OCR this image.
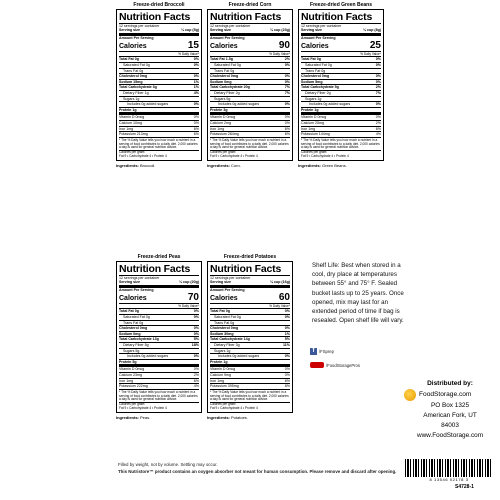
Freeze-dried Broccoli
Nutrition Facts
12 servings per container
Serving size	¼ cup (5g)
Amount Per Serving
Calories	15
% Daily Value*
Total Fat 0g	0%
Saturated Fat 0g	0%
Trans Fat 0g
Cholesterol 0mg	0%
Sodium 15mg	1%
Total Carbohydrate 3g	1%
Dietary Fiber 1g	4%
Sugars 1g
Includes 0g added sugars	0%
Protein 1g
Vitamin D 0mcg	0%
Calcium 10mg	0%
Iron 1mg	6%
Potassium 213mg	6%
* The % Daily Value tells you how much a nutrient in a serving of food contributes to a daily diet. 2,000 calories a day is used for general nutrition advice.
Calories per gram:
Fat 9 • Carbohydrate 4 • Protein 4
Ingredients: Broccoli.
Freeze-dried Corn
Nutrition Facts
12 servings per container
Serving size	¼ cup (23g)
Amount Per Serving
Calories	90
% Daily Value*
Total Fat 1.5g	2%
Saturated Fat 0g	0%
Trans Fat 0g
Cholesterol 0mg	0%
Sodium 0mg	0%
Total Carbohydrate 20g	7%
Dietary Fiber 2g	7%
Sugars 5g
Includes 0g added sugars	0%
Protein 3g
Vitamin D 0mcg	0%
Calcium 2mg	0%
Iron 1mg	6%
Potassium 284mg	6%
* The % Daily Value tells you how much a nutrient in a serving of food contributes to a daily diet. 2,000 calories a day is used for general nutrition advice.
Calories per gram:
Fat 9 • Carbohydrate 4 • Protein 4
Ingredients: Corn.
Freeze-dried Green Beans
Nutrition Facts
12 servings per container
Serving size	¼ cup (8g)
Amount Per Serving
Calories	25
% Daily Value*
Total Fat 0g	0%
Saturated Fat 0g	0%
Trans Fat 0g
Cholesterol 0mg	0%
Sodium 5mg	0%
Total Carbohydrate 5g	2%
Dietary Fiber 2g	7%
Sugars 1g
Includes 0g added sugars	0%
Protein 1g
Vitamin D 0mcg	0%
Calcium 25mg	2%
Iron 1mg	6%
Potassium 144mg	4%
* The % Daily Value tells you how much a nutrient in a serving of food contributes to a daily diet. 2,000 calories a day is used for general nutrition advice.
Calories per gram:
Fat 9 • Carbohydrate 4 • Protein 4
Ingredients: Green Beans.
Freeze-dried Peas
Nutrition Facts
12 servings per container
Serving size	¼ cup (20g)
Amount Per Serving
Calories	70
% Daily Value*
Total Fat 0g	0%
Saturated Fat 0g	0%
Trans Fat 0g
Cholesterol 0mg	0%
Sodium 0mg	0%
Total Carbohydrate 13g	5%
Dietary Fiber 5g	18%
Sugars 5g
Includes 0g added sugars	0%
Protein 5g
Vitamin D 0mcg	0%
Calcium 23mg	2%
Iron 1mg	6%
Potassium 222mg	4%
* The % Daily Value tells you how much a nutrient in a serving of food contributes to a daily diet. 2,000 calories a day is used for general nutrition advice.
Calories per gram:
Fat 9 • Carbohydrate 4 • Protein 4
Ingredients: Peas.
Freeze-dried Potatoes
Nutrition Facts
12 servings per container
Serving size	¼ cup (16g)
Amount Per Serving
Calories	60
% Daily Value*
Total Fat 0g	0%
Saturated Fat 0g	0%
Trans Fat 0g
Cholesterol 0mg	0%
Sodium 30mg	1%
Total Carbohydrate 14g	5%
Dietary Fiber 3g	11%
Sugars 1g
Includes 0g added sugars	0%
Protein 1g
Vitamin D 0mcg	0%
Calcium 9mg	0%
Iron 1mg	6%
Potassium 395mg	8%
* The % Daily Value tells you how much a nutrient in a serving of food contributes to a daily diet. 2,000 calories a day is used for general nutrition advice.
Calories per gram:
Fat 9 • Carbohydrate 4 • Protein 4
Ingredients: Potatoes.
Shelf Life: Best when stored in a cool, dry place at temperatures between 55° and 75° F. Sealed bucket lasts up to 25 years. Once opened, mix may last for an extended period of time if bag is resealed. Open shelf life will vary.
f	/FSprep
/FoodStoragePros
Distributed by:
FoodStorage.com
PO Box 1325
American Fork, UT
84003
www.FoodStorage.com
8 13546 02178 3
Filled by weight, not by volume. Settling may occur.
This Nutristore™ product contains an oxygen absorber not meant for human consumption. Please remove and discard after opening.
S4728-1
